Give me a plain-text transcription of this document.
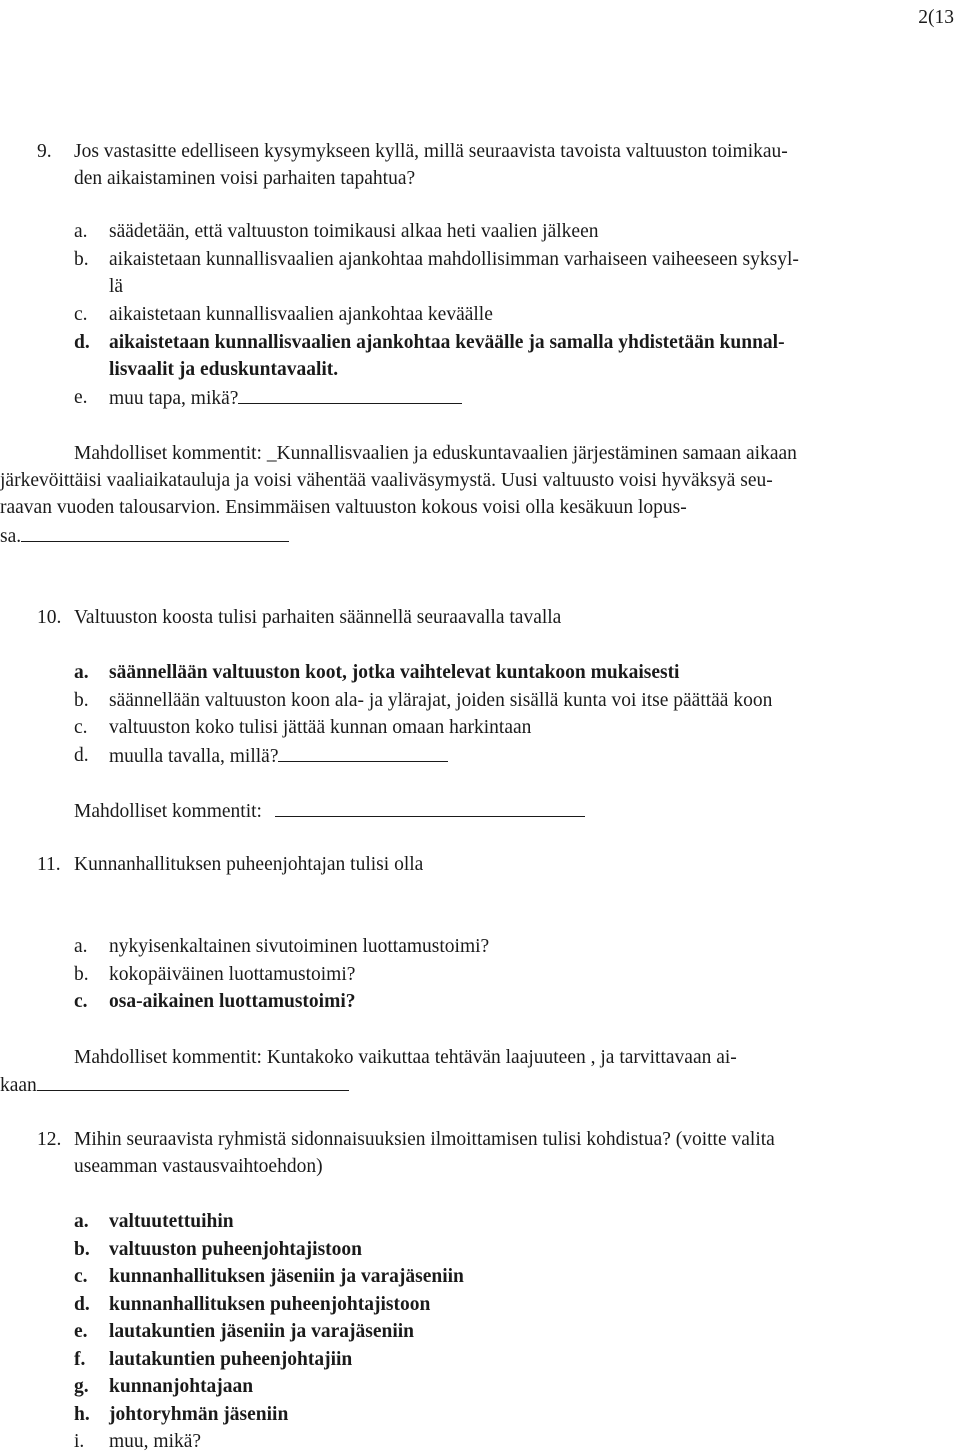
2(13
9. Jos vastasitte edelliseen kysymykseen kyllä, millä seuraavista tavoista valtuuston toimikau-
den aikaistaminen voisi parhaiten tapahtua?
a. säädetään, että valtuuston toimikausi alkaa heti vaalien jälkeen
b. aikaistetaan kunnallisvaalien ajankohtaa mahdollisimman varhaiseen vaiheeseen syksyl-
lä
c. aikaistetaan kunnallisvaalien ajankohtaa keväälle
d. aikaistetaan kunnallisvaalien ajankohtaa keväälle ja samalla yhdistetään kunnal-
lisvaalit ja eduskuntavaalit.
e. muu tapa, mikä?
Mahdolliset kommentit: _Kunnallisvaalien ja eduskuntavaalien järjestäminen samaan aikaan
järkevöittäisi vaaliaikatauluja ja voisi vähentää vaaliväsymystä. Uusi valtuusto voisi hyväksyä seu-
raavan vuoden talousarvion. Ensimmäisen valtuuston kokous voisi olla kesäkuun lopus-
sa.
10. Valtuuston koosta tulisi parhaiten säännellä seuraavalla tavalla
a. säännellään valtuuston koot, jotka vaihtelevat kuntakoon mukaisesti
b. säännellään valtuuston koon ala- ja ylärajat, joiden sisällä kunta voi itse päättää koon
c. valtuuston koko tulisi jättää kunnan omaan harkintaan
d. muulla tavalla, millä?
Mahdolliset kommentit:
11. Kunnanhallituksen puheenjohtajan tulisi olla
a. nykyisenkaltainen sivutoiminen luottamustoimi?
b. kokopäiväinen luottamustoimi?
c. osa-aikainen luottamustoimi?
Mahdolliset kommentit: Kuntakoko vaikuttaa tehtävän laajuuteen , ja tarvittavaan ai-
kaan
12. Mihin seuraavista ryhmistä sidonnaisuuksien ilmoittamisen tulisi kohdistua? (voitte valita
useamman vastausvaihtoehdon)
a. valtuutettuihin
b. valtuuston puheenjohtajistoon
c. kunnanhallituksen jäseniin ja varajäseniin
d. kunnanhallituksen puheenjohtajistoon
e. lautakuntien jäseniin ja varajäseniin
f. lautakuntien puheenjohtajiin
g. kunnanjohtajaan
h. johtoryhmän jäseniin
i. muu, mikä?
